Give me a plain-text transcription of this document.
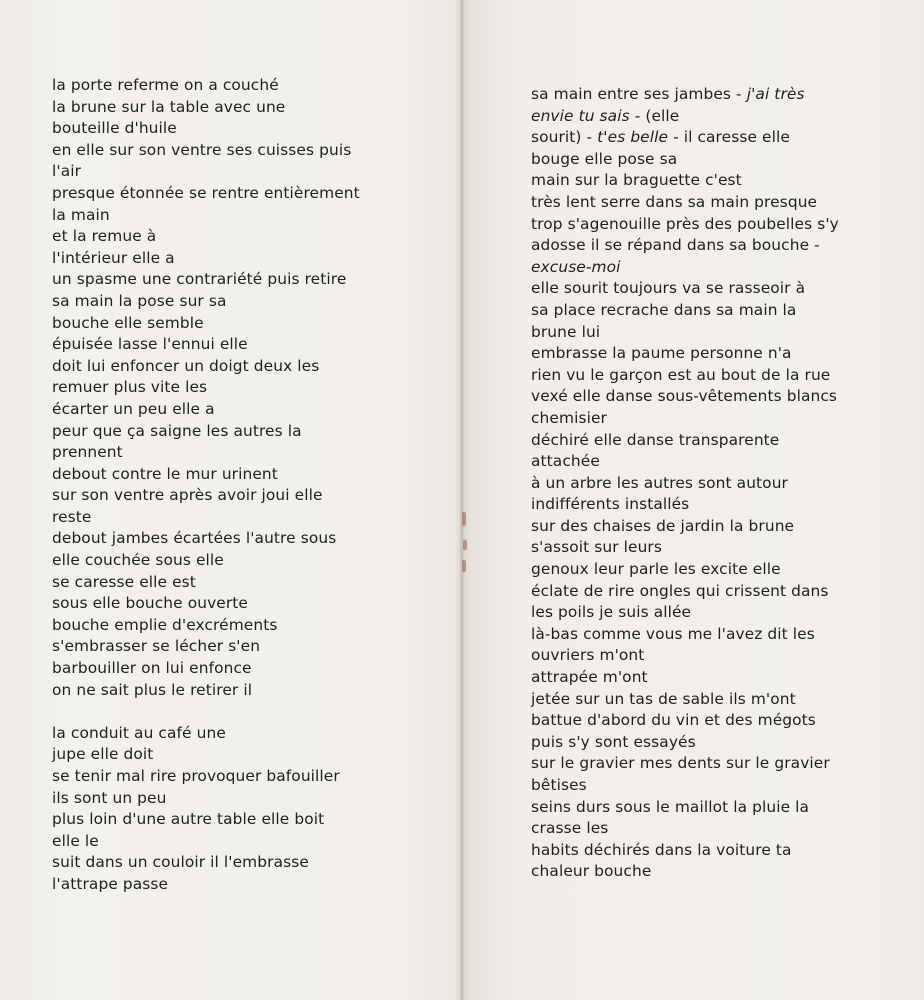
la porte referme on a couché
la brune sur la table avec une
bouteille d'huile
en elle sur son ventre ses cuisses puis
l'air
presque étonnée se rentre entièrement
la main
et la remue à
l'intérieur elle a
un spasme une contrariété puis retire
sa main la pose sur sa
bouche elle semble
épuisée lasse l'ennui elle
doit lui enfoncer un doigt deux les
remuer plus vite les
écarter un peu elle a
peur que ça saigne les autres la
prennent
debout contre le mur urinent
sur son ventre après avoir joui elle
reste
debout jambes écartées l'autre sous
elle couchée sous elle
se caresse elle est
sous elle bouche ouverte
bouche emplie d'excréments
s'embrasser se lécher s'en
barbouiller on lui enfonce
on ne sait plus le retirer il
la conduit au café une
jupe elle doit
se tenir mal rire provoquer bafouiller
ils sont un peu
plus loin d'une autre table elle boit
elle le
suit dans un couloir il l'embrasse
l'attrape passe
sa main entre ses jambes - j'ai très
envie tu sais - (elle
sourit) - t'es belle - il caresse elle
bouge elle pose sa
main sur la braguette c'est
très lent serre dans sa main presque
trop s'agenouille près des poubelles s'y
adosse il se répand dans sa bouche -
excuse-moi
elle sourit toujours va se rasseoir à
sa place recrache dans sa main la
brune lui
embrasse la paume personne n'a
rien vu le garçon est au bout de la rue
vexé elle danse sous-vêtements blancs
chemisier
déchiré elle danse transparente
attachée
à un arbre les autres sont autour
indifférents installés
sur des chaises de jardin la brune
s'assoit sur leurs
genoux leur parle les excite elle
éclate de rire ongles qui crissent dans
les poils je suis allée
là-bas comme vous me l'avez dit les
ouvriers m'ont
attrapée m'ont
jetée sur un tas de sable ils m'ont
battue d'abord du vin et des mégots
puis s'y sont essayés
sur le gravier mes dents sur le gravier
bêtises
seins durs sous le maillot la pluie la
crasse les
habits déchirés dans la voiture ta
chaleur bouche
